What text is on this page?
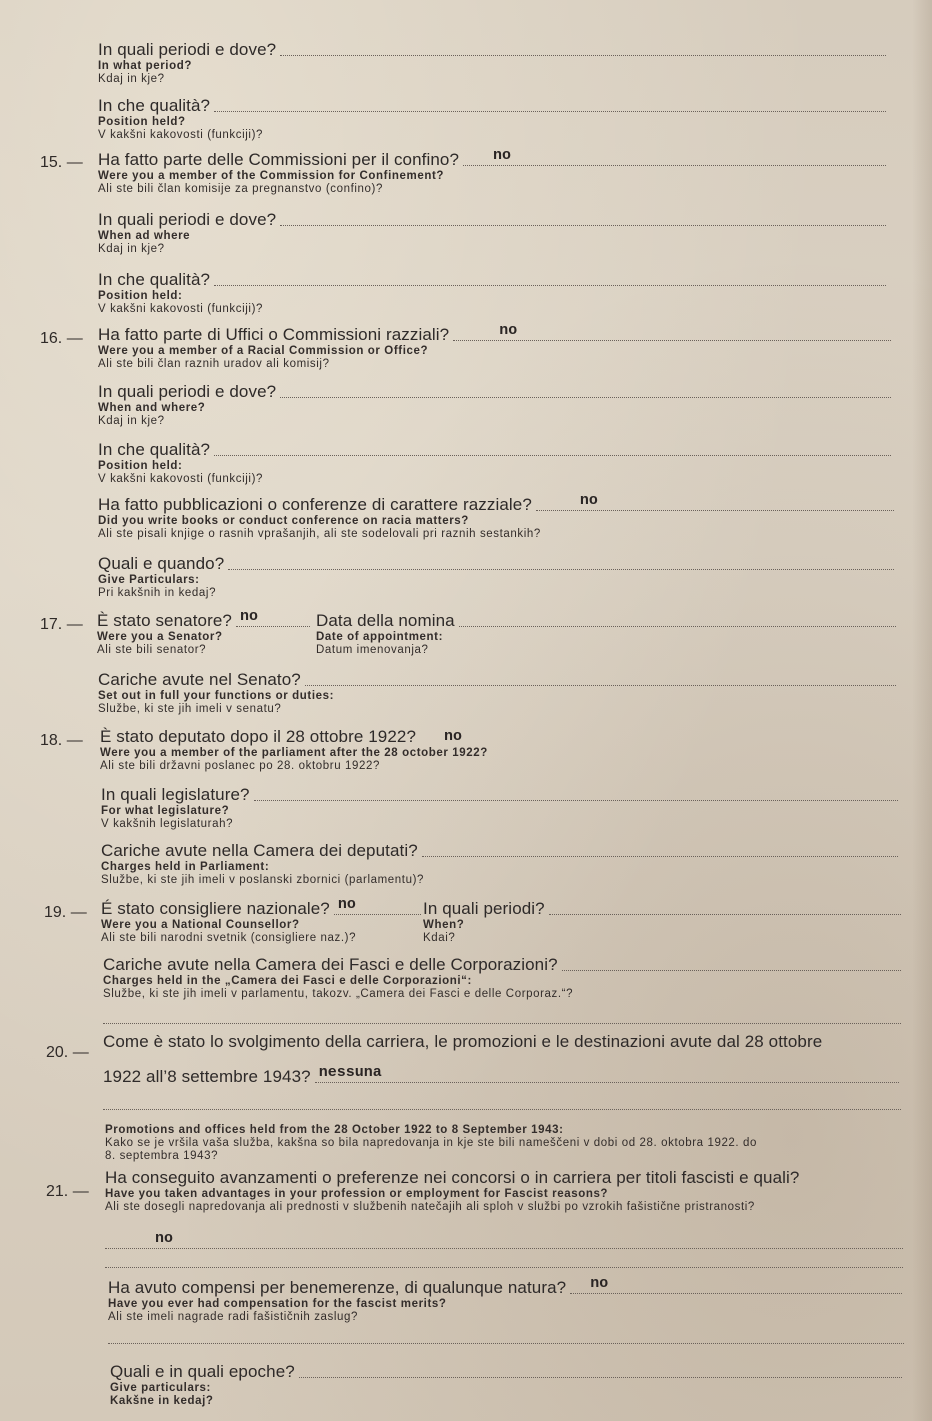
In quali periodi e dove?
In what period?
Kdaj in kje?
In che qualità?
Position held?
V kakšni kakovosti (funkciji)?
15. — Ha fatto parte delle Commissioni per il confino? no
Were you a member of the Commission for Confinement?
Ali ste bili član komisije za pregnanstvo (confino)?
In quali periodi e dove?
When ad where
Kdaj in kje?
In che qualità?
Position held:
V kakšni kakovosti (funkciji)?
16. — Ha fatto parte di Uffici o Commissioni razziali?	no
Were you a member of a Racial Commission or Office?
Ali ste bili član raznih uradov ali komisij?
In quali periodi e dove?
When and where?
Kdaj in kje?
In che qualità?
Position held:
V kakšni kakovosti (funkciji)?
Ha fatto pubblicazioni o conferenze di carattere razziale?	no
Did you write books or conduct conference on racia matters?
Ali ste pisali knjige o rasnih vprašanjih, ali ste sodelovali pri raznih sestankih?
Quali e quando?
Give Particulars:
Pri kakšnih in kedaj?
17. — È stato senatore? no
Were you a Senator?
Ali ste bili senator?
Data della nomina
Date of appointment:
Datum imenovanja?
Cariche avute nel Senato?
Set out in full your functions or duties:
Službe, ki ste jih imeli v senatu?
18. — È stato deputato dopo il 28 ottobre 1922? no
Were you a member of the parliament after the 28 october 1922?
Ali ste bili državni poslanec po 28. oktobru 1922?
In quali legislature?
For what legislature?
V kakšnih legislaturah?
Cariche avute nella Camera dei deputati?
Charges held in Parliament:
Službe, ki ste jih imeli v poslanski zbornici (parlamentu)?
19. — É stato consigliere nazionale? no
Were you a National Counsellor?
Ali ste bili narodni svetnik (consigliere naz.)?
In quali periodi?
When?
Kdai?
Cariche avute nella Camera dei Fasci e delle Corporazioni?
Charges held in the „Camera dei Fasci e delle Corporazioni“:
Službe, ki ste jih imeli v parlamentu, takozv. „Camera dei Fasci e delle Corporaz.“?
20. —
Come è stato lo svolgimento della carriera, le promozioni e le destinazioni avute dal 28 ottobre
1922 all’8 settembre 1943? nessuna
Promotions and offices held from the 28 October 1922 to 8 September 1943:
Kako se je vršila vaša služba, kakšna so bila napredovanja in kje ste bili nameščeni v dobi od 28. oktobra 1922. do
8. septembra 1943?
21. —
Ha conseguito avanzamenti o preferenze nei concorsi o in carriera per titoli fascisti e quali?
Have you taken advantages in your profession or employment for Fascist reasons?
Ali ste dosegli napredovanja ali prednosti v službenih natečajih ali sploh v službi po vzrokih fašistične pristranosti?
no
Ha avuto compensi per benemerenze, di qualunque natura? no
Have you ever had compensation for the fascist merits?
Ali ste imeli nagrade radi fašističnih zaslug?
Quali e in quali epoche?
Give particulars:
Kakšne in kedaj?
